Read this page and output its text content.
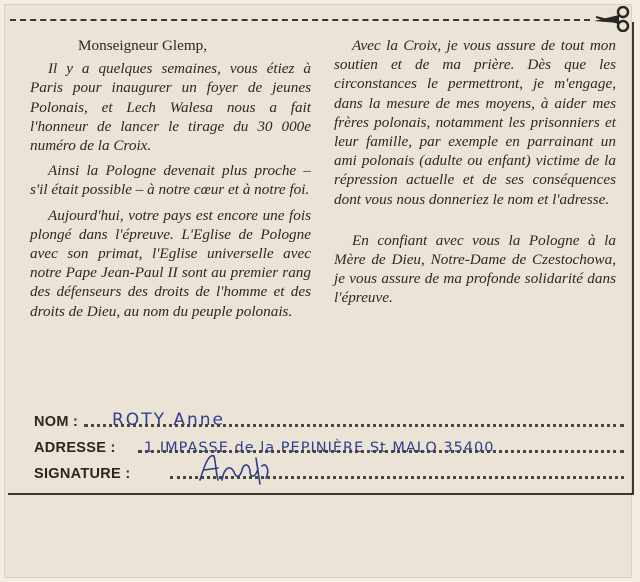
Monseigneur Glemp,

Il y a quelques semaines, vous étiez à Paris pour inaugurer un foyer de jeunes Polonais, et Lech Walesa nous a fait l'honneur de lancer le tirage du 30 000e numéro de la Croix.

Ainsi la Pologne devenait plus proche – s'il était possible – à notre cœur et à notre foi.

Aujourd'hui, votre pays est encore une fois plongé dans l'épreuve. L'Eglise de Pologne avec son primat, l'Eglise universelle avec notre Pape Jean-Paul II sont au premier rang des défenseurs des droits de l'homme et des droits de Dieu, au nom du peuple polonais.

Avec la Croix, je vous assure de tout mon soutien et de ma prière. Dès que les circonstances le permettront, je m'engage, dans la mesure de mes moyens, à aider mes frères polonais, notamment les prisonniers et leur famille, par exemple en parrainant un ami polonais (adulte ou enfant) victime de la répression actuelle et de ses conséquences dont vous nous donneriez le nom et l'adresse.

En confiant avec vous la Pologne à la Mère de Dieu, Notre-Dame de Czestochowa, je vous assure de ma profonde solidarité dans l'épreuve.

NOM : ROTY Anne
ADRESSE : 1 IMPASSE de la PEPINIÈRE St MALO 35400
SIGNATURE :
